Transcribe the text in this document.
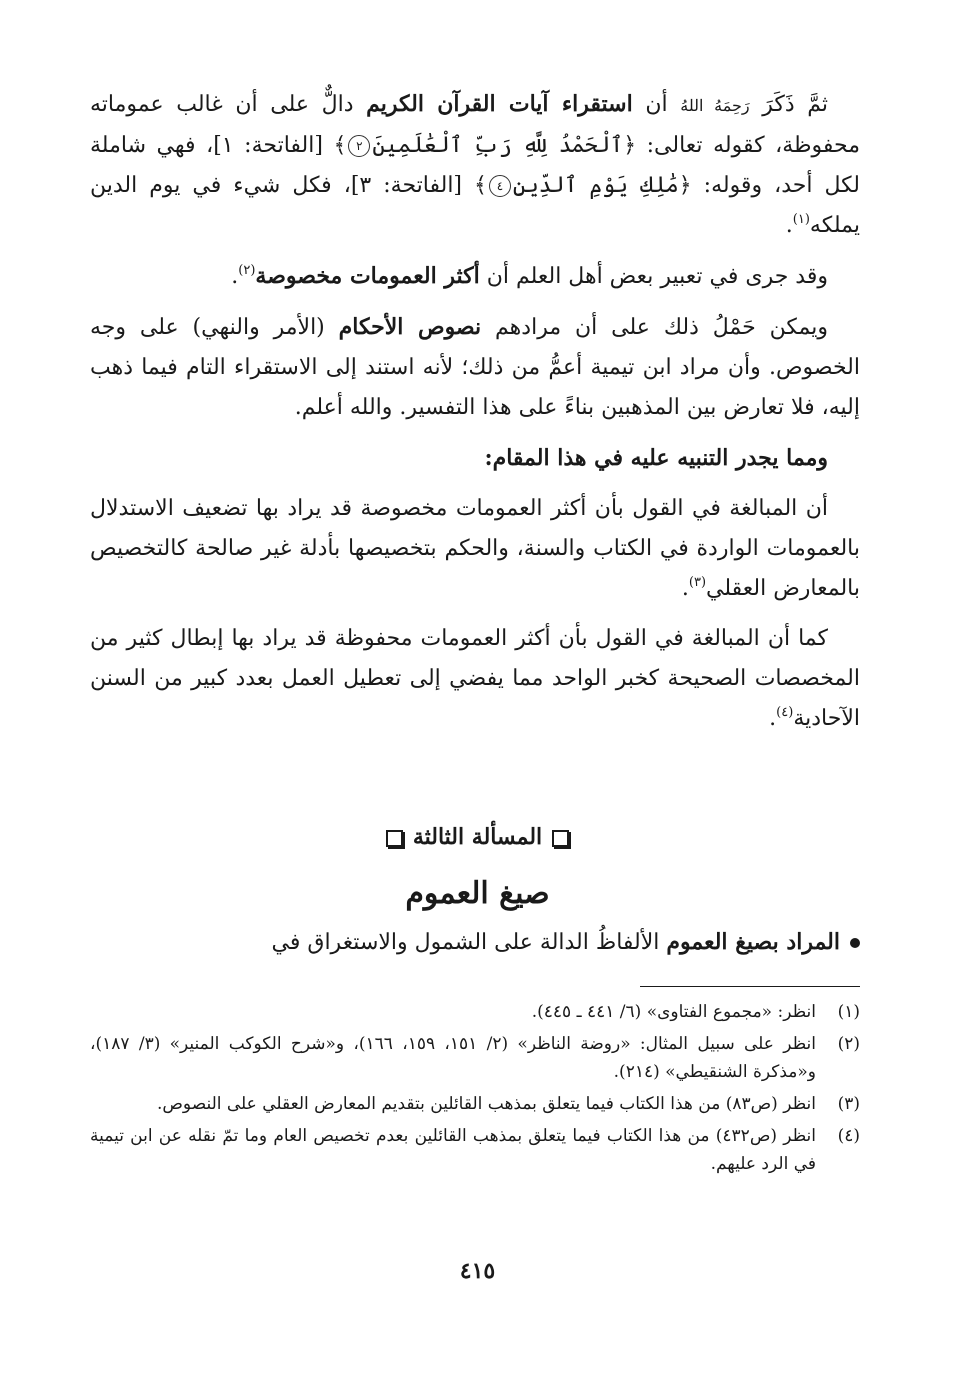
ثمَّ ذَكَرَ رَحِمَهُ اللهُ أن استقراء آيات القرآن الكريم دالٌّ على أن غالب عموماته محفوظة، كقوله تعالى: ﴿ٱلْحَمْدُ لِلَّهِ رَبِّ ٱلْعَٰلَمِينَ٢﴾ [الفاتحة: ١]، فهي شاملة لكل أحد، وقوله: ﴿مَٰلِكِ يَوْمِ ٱلدِّينِ٤﴾ [الفاتحة: ٣]، فكل شيء في يوم الدين يملكه$^{(١)}$.

وقد جرى في تعبير بعض أهل العلم أن أكثر العمومات مخصوصة$^{(٢)}$.

ويمكن حَمْلُ ذلك على أن مرادهم نصوص الأحكام (الأمر والنهي) على وجه الخصوص. وأن مراد ابن تيمية أعمُّ من ذلك؛ لأنه استند إلى الاستقراء التام فيما ذهب إليه، فلا تعارض بين المذهبين بناءً على هذا التفسير. والله أعلم.

ومما يجدر التنبيه عليه في هذا المقام:

أن المبالغة في القول بأن أكثر العمومات مخصوصة قد يراد بها تضعيف الاستدلال بالعمومات الواردة في الكتاب والسنة، والحكم بتخصيصها بأدلة غير صالحة كالتخصيص بالمعارض العقلي$^{(٣)}$.

كما أن المبالغة في القول بأن أكثر العمومات محفوظة قد يراد بها إبطال كثير من المخصصات الصحيحة كخبر الواحد مما يفضي إلى تعطيل العمل بعدد كبير من السنن الآحادية$^{(٤)}$.

المسألة الثالثة
صيغ العموم
المراد بصيغ العموم الألفاظُ الدالة على الشمول والاستغراق في
(١)
انظر: «مجموع الفتاوى» (٦/ ٤٤١ ـ ٤٤٥).
(٢)
انظر على سبيل المثال: «روضة الناظر» (٢/ ١٥١، ١٥٩، ١٦٦)، و«شرح الكوكب المنير» (٣/ ١٨٧)، و«مذكرة الشنقيطي» (٢١٤).
(٣)
انظر (ص٨٣) من هذا الكتاب فيما يتعلق بمذهب القائلين بتقديم المعارض العقلي على النصوص.
(٤)
انظر (ص٤٣٢) من هذا الكتاب فيما يتعلق بمذهب القائلين بعدم تخصيص العام وما تمّ نقله عن ابن تيمية في الرد عليهم.
٤١٥
